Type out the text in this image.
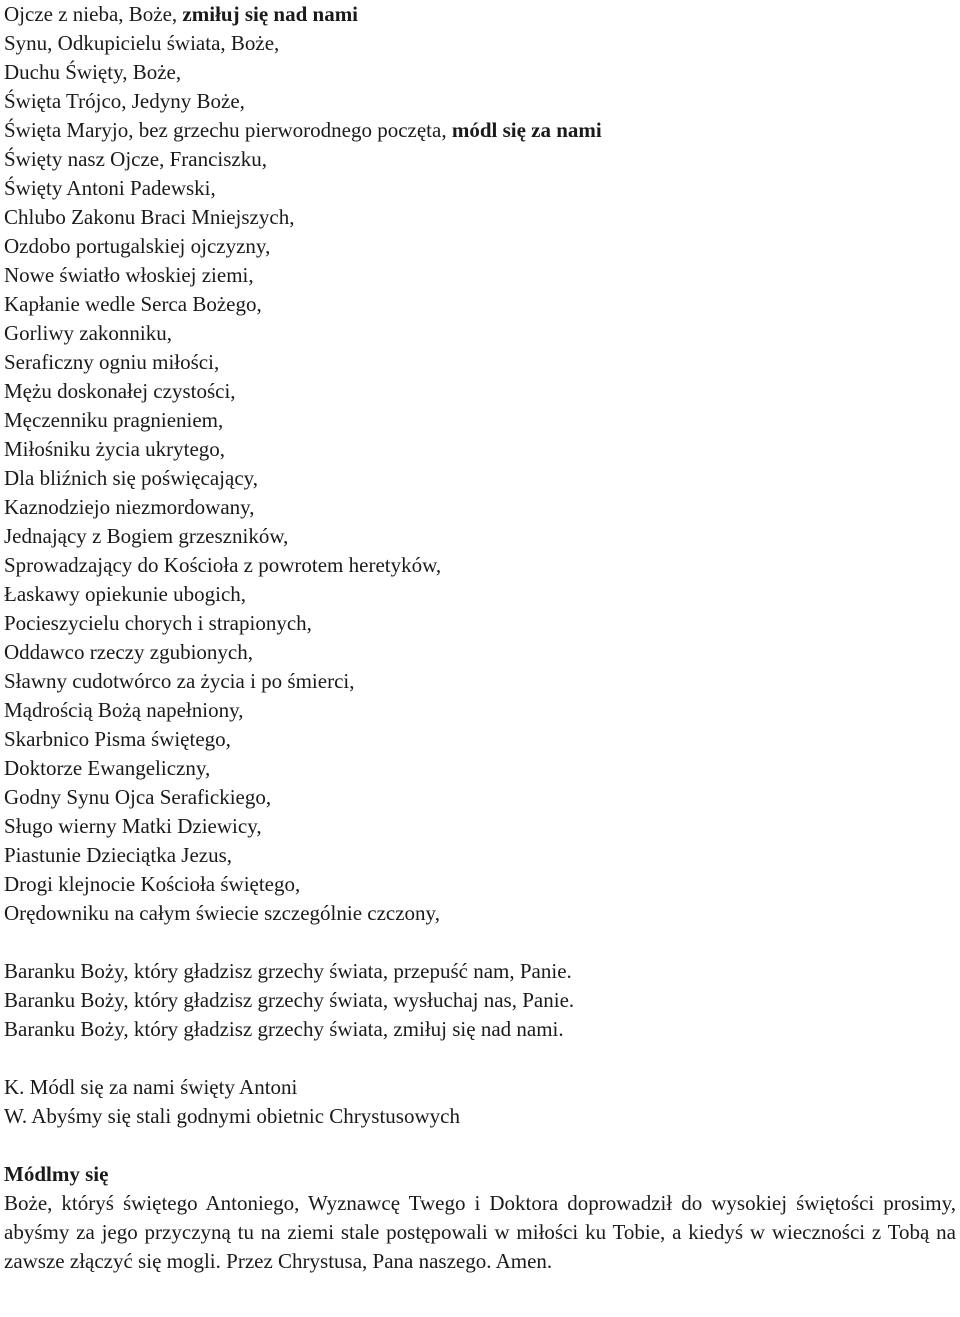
Ojcze z nieba, Boże, zmiłuj się nad nami
Synu, Odkupicielu świata, Boże,
Duchu Święty, Boże,
Święta Trójco, Jedyny Boże,
Święta Maryjo, bez grzechu pierworodnego poczęta, módl się za nami
Święty nasz Ojcze, Franciszku,
Święty Antoni Padewski,
Chlubo Zakonu Braci Mniejszych,
Ozdobo portugalskiej ojczyzny,
Nowe światło włoskiej ziemi,
Kapłanie wedle Serca Bożego,
Gorliwy zakonniku,
Seraficzny ogniu miłości,
Mężu doskonałej czystości,
Męczenniku pragnieniem,
Miłośniku życia ukrytego,
Dla bliźnich się poświęcający,
Kaznodziejo niezmordowany,
Jednający z Bogiem grzeszników,
Sprowadzający do Kościoła z powrotem heretyków,
Łaskawy opiekunie ubogich,
Pocieszycielu chorych i strapionych,
Oddawco rzeczy zgubionych,
Sławny cudotwórco za życia i po śmierci,
Mądrością Bożą napełniony,
Skarbnico Pisma świętego,
Doktorze Ewangeliczny,
Godny Synu Ojca Serafickiego,
Sługo wierny Matki Dziewicy,
Piastunie Dzieciątka Jezus,
Drogi klejnocie Kościoła świętego,
Orędowniku na całym świecie szczególnie czczony,
Baranku Boży, który gładzisz grzechy świata, przepuść nam, Panie.
Baranku Boży, który gładzisz grzechy świata, wysłuchaj nas, Panie.
Baranku Boży, który gładzisz grzechy świata, zmiłuj się nad nami.
K. Módl się za nami święty Antoni
W. Abyśmy się stali godnymi obietnic Chrystusowych
Módlmy się
Boże, któryś świętego Antoniego, Wyznawcę Twego i Doktora doprowadził do wysokiej świętości prosimy, abyśmy za jego przyczyną tu na ziemi stale postępowali w miłości ku Tobie, a kiedyś w wieczności z Tobą na zawsze złączyć się mogli. Przez Chrystusa, Pana naszego. Amen.
